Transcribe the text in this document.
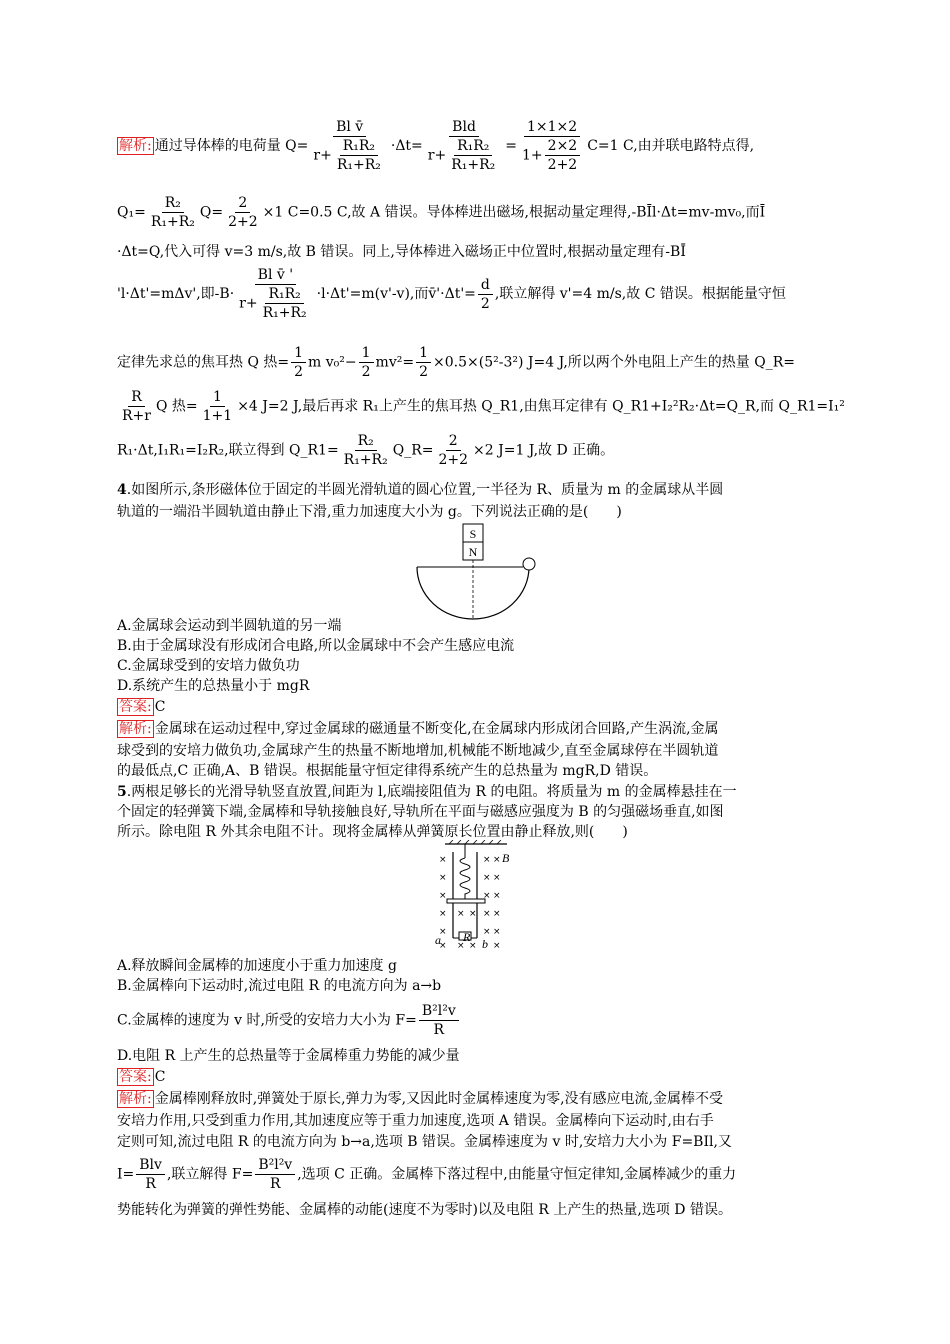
解析: 通过导体棒的电荷量 $Q= \frac{\text{Bl v̄}}{r+ \frac{\text{R₁R₂}}{\text{R₁+R₂}}} \cdot\Delta t= \frac{\text{Bld}}{r+ \frac{\text{R₁R₂}}{\text{R₁+R₂}}} = \frac{1\times 1\times 2}{1+ \frac{2\times 2}{2+2}} C=1$ C,由并联电路特点得,
$Q_1= \frac{\text{R₂}}{\text{R₁+R₂}} Q= \frac{2}{2+2} \times 1$ C=0.5 C,故 A 错误。导体棒进出磁场,根据动量定理得,-BĪl·Δt=mv-mv₀,而Ī
·Δt=Q,代入可得 v=3 m/s,故 B 错误。同上,导体棒进入磁场正中位置时,根据动量定理有-BĪ
'l·Δt'=mΔv',即$-B\cdot \frac{\text{Bl v̄ '}}{r+ \frac{\text{R₁R₂}}{\text{R₁+R₂}}} \cdot l\cdot\Delta t'=m(v'-v)$,而v̄'·Δt'= $\frac{d}{2}$ ,联立解得 v'=4 m/s,故 C 错误。根据能量守恒
定律先求总的焦耳热 Q 热= $\frac{1}{2}$ m $v_0^2- \frac{1}{2} mv^2= \frac{1}{2} \times 0.5\times(5^2-3^2)$ J=4 J,所以两个外电阻上产生的热量 Q_R=
$\frac{R}{R+r}$ Q 热= $\frac{1}{1+1} \times 4$ J=2 J,最后再求 R₁上产生的焦耳热 Q_R1,由焦耳定律有 Q_R1+I₂²R₂·Δt=Q_R,而 Q_R1=I₁²
R₁·Δt,I₁R₁=I₂R₂,联立得到 Q_R1= $\frac{\text{R₂}}{\text{R₁+R₂}}$ Q_R= $\frac{2}{2+2} \times 2$ J=1 J,故 D 正确。
4.如图所示,条形磁体位于固定的半圆光滑轨道的圆心位置,一半径为 R、质量为 m 的金属球从半圆
轨道的一端沿半圆轨道由静止下滑,重力加速度大小为 g。下列说法正确的是(　　)
S
N
A.金属球会运动到半圆轨道的另一端
B.由于金属球没有形成闭合电路,所以金属球中不会产生感应电流
C.金属球受到的安培力做负功
D.系统产生的总热量小于 mgR
答案: C
解析: 金属球在运动过程中,穿过金属球的磁通量不断变化,在金属球内形成闭合回路,产生涡流,金属
球受到的安培力做负功,金属球产生的热量不断地增加,机械能不断地减少,直至金属球停在半圆轨道
的最低点,C 正确,A、B 错误。根据能量守恒定律得系统产生的总热量为 mgR,D 错误。
5.两根足够长的光滑导轨竖直放置,间距为 l,底端接阻值为 R 的电阻。将质量为 m 的金属棒悬挂在一
个固定的轻弹簧下端,金属棒和导轨接触良好,导轨所在平面与磁感应强度为 B 的匀强磁场垂直,如图
所示。除电阻 R 外其余电阻不计。现将金属棒从弹簧原长位置由静止释放,则(　　)
×	× ×
×	× ×
×	× ×
× × × × ×
×	× ×
× × × ×
B
R
a	b
A.释放瞬间金属棒的加速度小于重力加速度 g
B.金属棒向下运动时,流过电阻 R 的电流方向为 a→b
C.金属棒的速度为 v 时,所受的安培力大小为 $F= \frac{\text{B²l²v}}{R}$
D.电阻 R 上产生的总热量等于金属棒重力势能的减少量
答案: C
解析: 金属棒刚释放时,弹簧处于原长,弹力为零,又因此时金属棒速度为零,没有感应电流,金属棒不受
安培力作用,只受到重力作用,其加速度应等于重力加速度,选项 A 错误。金属棒向下运动时,由右手
定则可知,流过电阻 R 的电流方向为 b→a,选项 B 错误。金属棒速度为 v 时,安培力大小为 F=BIl,又
$I= \frac{\text{Blv}}{R}$ ,联立解得 $F= \frac{\text{B²l²v}}{R}$ ,选项 C 正确。金属棒下落过程中,由能量守恒定律知,金属棒减少的重力
势能转化为弹簧的弹性势能、金属棒的动能(速度不为零时)以及电阻 R 上产生的热量,选项 D 错误。
